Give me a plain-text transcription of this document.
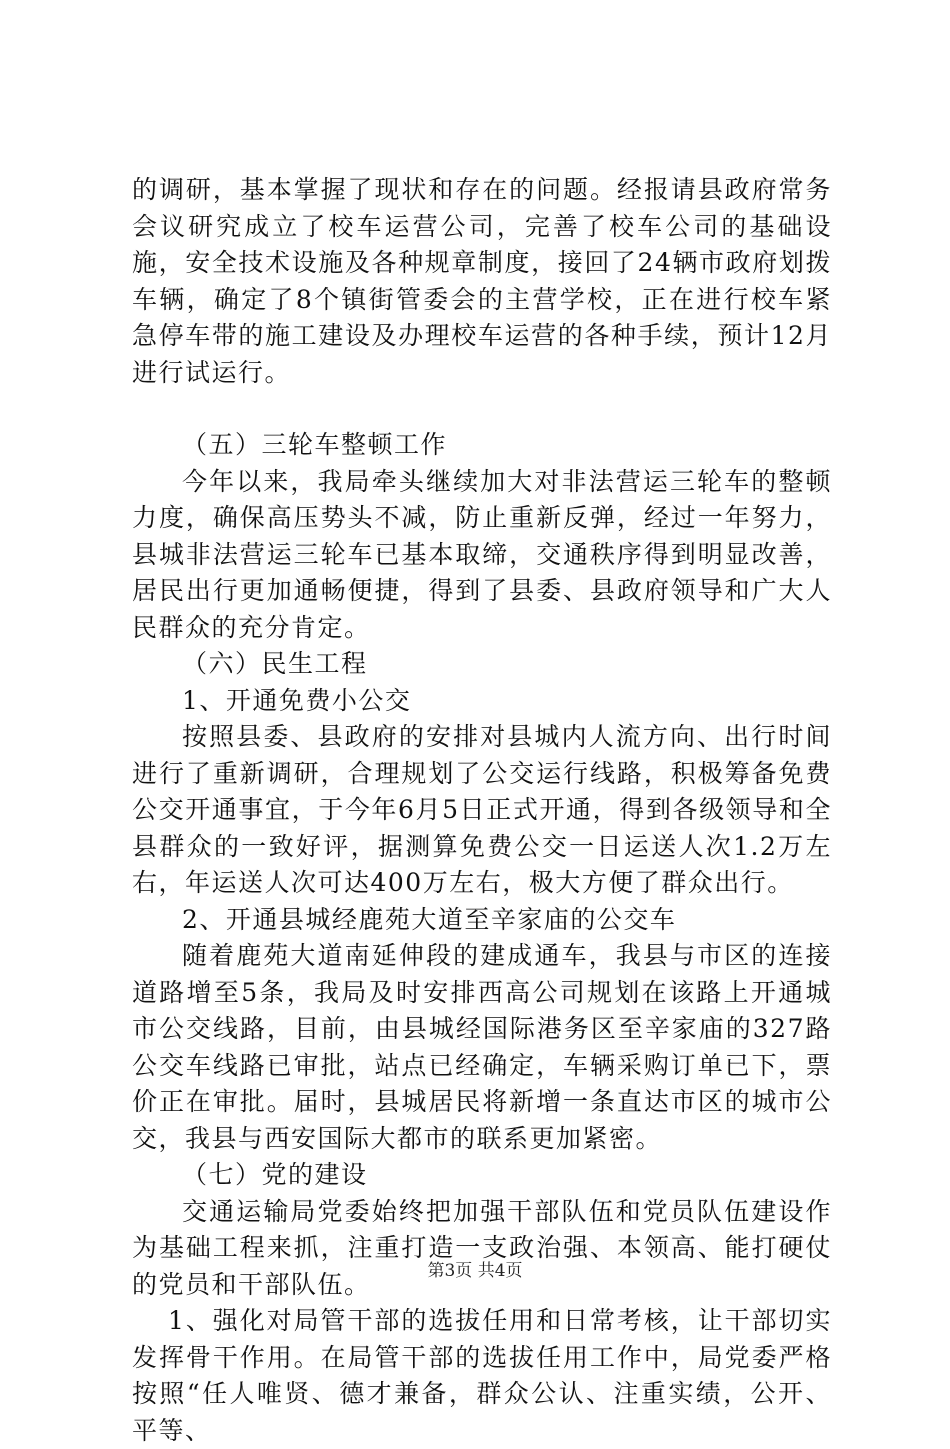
的调研，基本掌握了现状和存在的问题。经报请县政府常务会议研究成立了校车运营公司，完善了校车公司的基础设施，安全技术设施及各种规章制度，接回了24辆市政府划拨车辆，确定了8个镇街管委会的主营学校，正在进行校车紧急停车带的施工建设及办理校车运营的各种手续，预计12月进行试运行。

（五）三轮车整顿工作

今年以来，我局牵头继续加大对非法营运三轮车的整顿力度，确保高压势头不减，防止重新反弹，经过一年努力，县城非法营运三轮车已基本取缔，交通秩序得到明显改善，居民出行更加通畅便捷，得到了县委、县政府领导和广大人民群众的充分肯定。

（六）民生工程

1、开通免费小公交

按照县委、县政府的安排对县城内人流方向、出行时间进行了重新调研，合理规划了公交运行线路，积极筹备免费公交开通事宜，于今年6月5日正式开通，得到各级领导和全县群众的一致好评，据测算免费公交一日运送人次1.2万左右，年运送人次可达400万左右，极大方便了群众出行。

2、开通县城经鹿苑大道至辛家庙的公交车

随着鹿苑大道南延伸段的建成通车，我县与市区的连接道路增至5条，我局及时安排西高公司规划在该路上开通城市公交线路，目前，由县城经国际港务区至辛家庙的327路公交车线路已审批，站点已经确定，车辆采购订单已下，票价正在审批。届时，县城居民将新增一条直达市区的城市公交，我县与西安国际大都市的联系更加紧密。

（七）党的建设

交通运输局党委始终把加强干部队伍和党员队伍建设作为基础工程来抓，注重打造一支政治强、本领高、能打硬仗的党员和干部队伍。

1、强化对局管干部的选拔任用和日常考核，让干部切实发挥骨干作用。在局管干部的选拔任用工作中，局党委严格按照“任人唯贤、德才兼备，群众公认、注重实绩，公开、平等、

第3页 共4页
